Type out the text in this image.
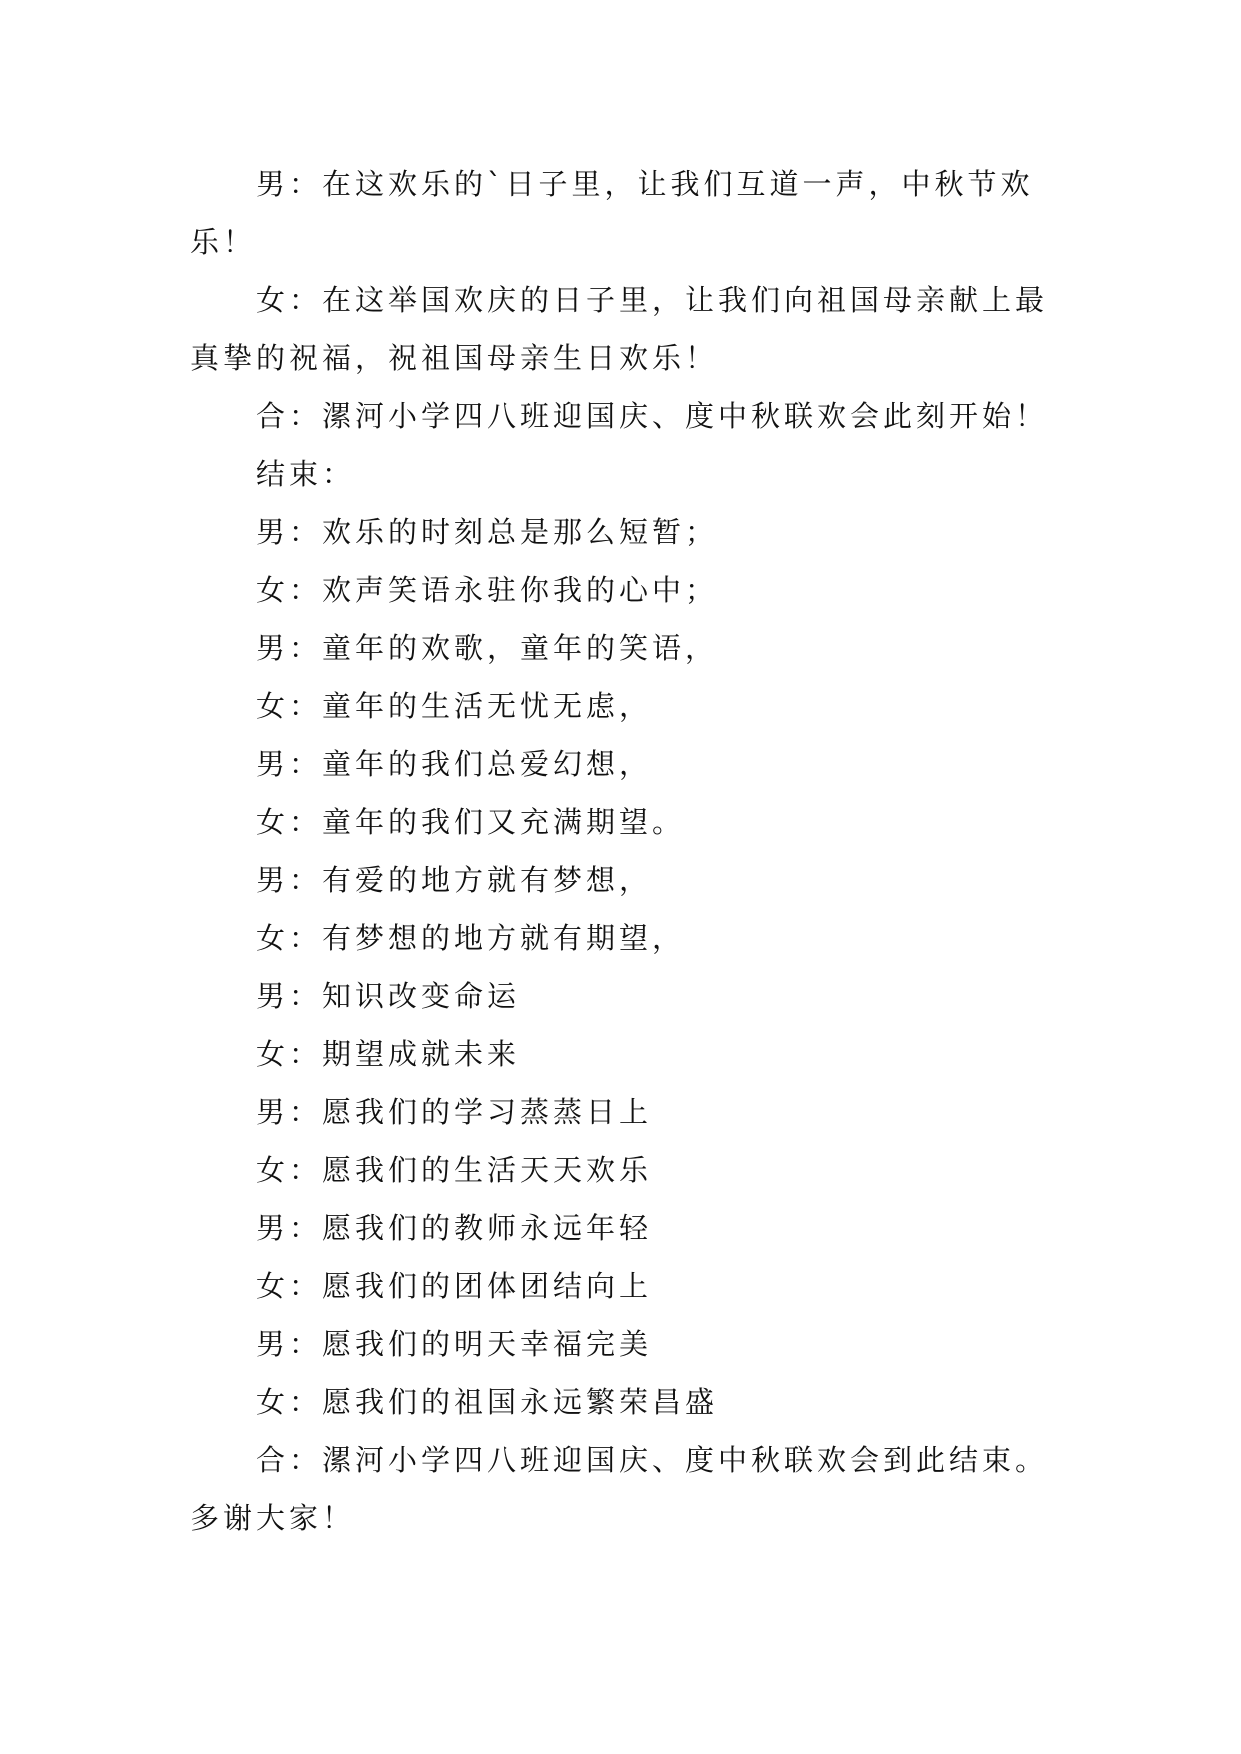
男：在这欢乐的`日子里，让我们互道一声，中秋节欢乐！

女：在这举国欢庆的日子里，让我们向祖国母亲献上最真挚的祝福，祝祖国母亲生日欢乐！

合：漯河小学四八班迎国庆、度中秋联欢会此刻开始！

结束：

男：欢乐的时刻总是那么短暂；

女：欢声笑语永驻你我的心中；

男：童年的欢歌，童年的笑语，

女：童年的生活无忧无虑，

男：童年的我们总爱幻想，

女：童年的我们又充满期望。

男：有爱的地方就有梦想，

女：有梦想的地方就有期望，

男：知识改变命运

女：期望成就未来

男：愿我们的学习蒸蒸日上

女：愿我们的生活天天欢乐

男：愿我们的教师永远年轻

女：愿我们的团体团结向上

男：愿我们的明天幸福完美

女：愿我们的祖国永远繁荣昌盛

合：漯河小学四八班迎国庆、度中秋联欢会到此结束。多谢大家！
